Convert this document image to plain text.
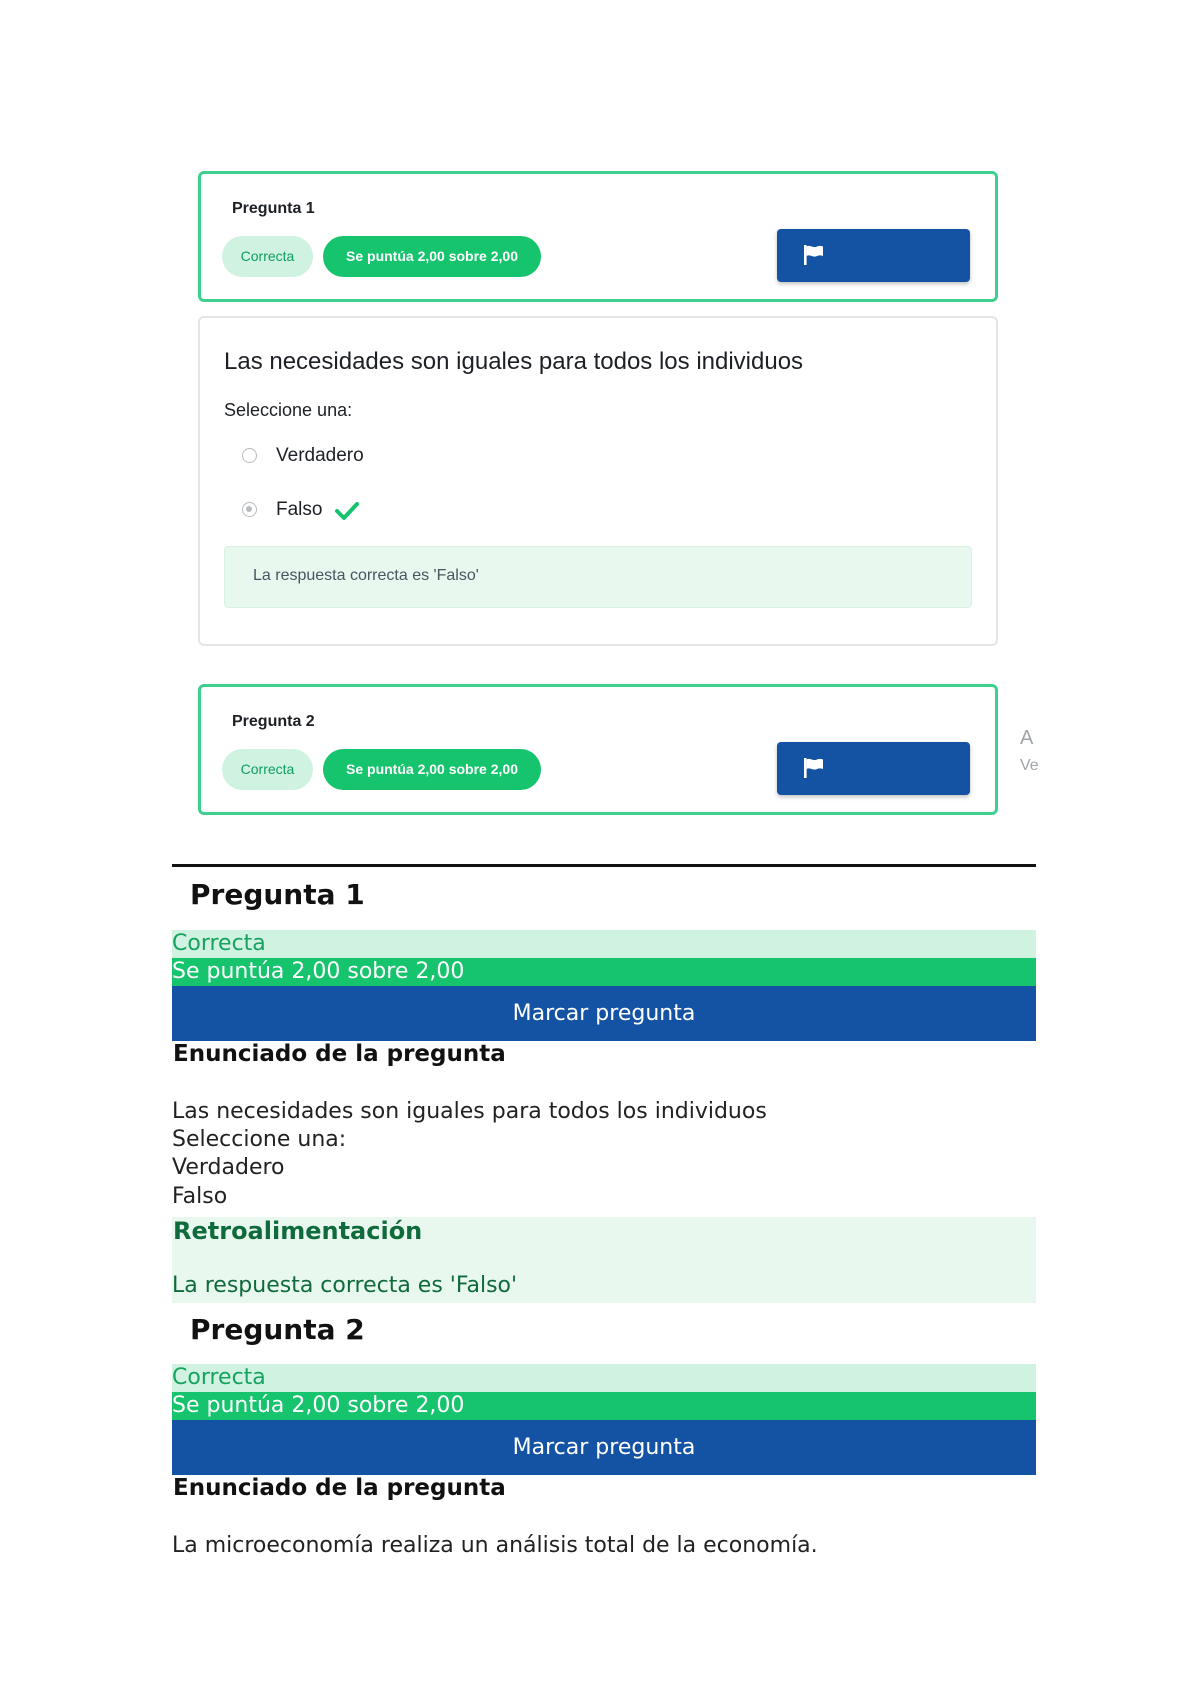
Pregunta 1
Correcta	Se puntúa 2,00 sobre 2,00
Las necesidades son iguales para todos los individuos
Seleccione una:
Verdadero
Falso
La respuesta correcta es 'Falso'
Pregunta 2
Correcta	Se puntúa 2,00 sobre 2,00
A
Ve
Pregunta 1
Correcta
Se puntúa 2,00 sobre 2,00
Marcar pregunta
Enunciado de la pregunta
Las necesidades son iguales para todos los individuos
Seleccione una:
Verdadero
Falso
Retroalimentación
La respuesta correcta es 'Falso'
Pregunta 2
Correcta
Se puntúa 2,00 sobre 2,00
Marcar pregunta
Enunciado de la pregunta
La microeconomía realiza un análisis total de la economía.
